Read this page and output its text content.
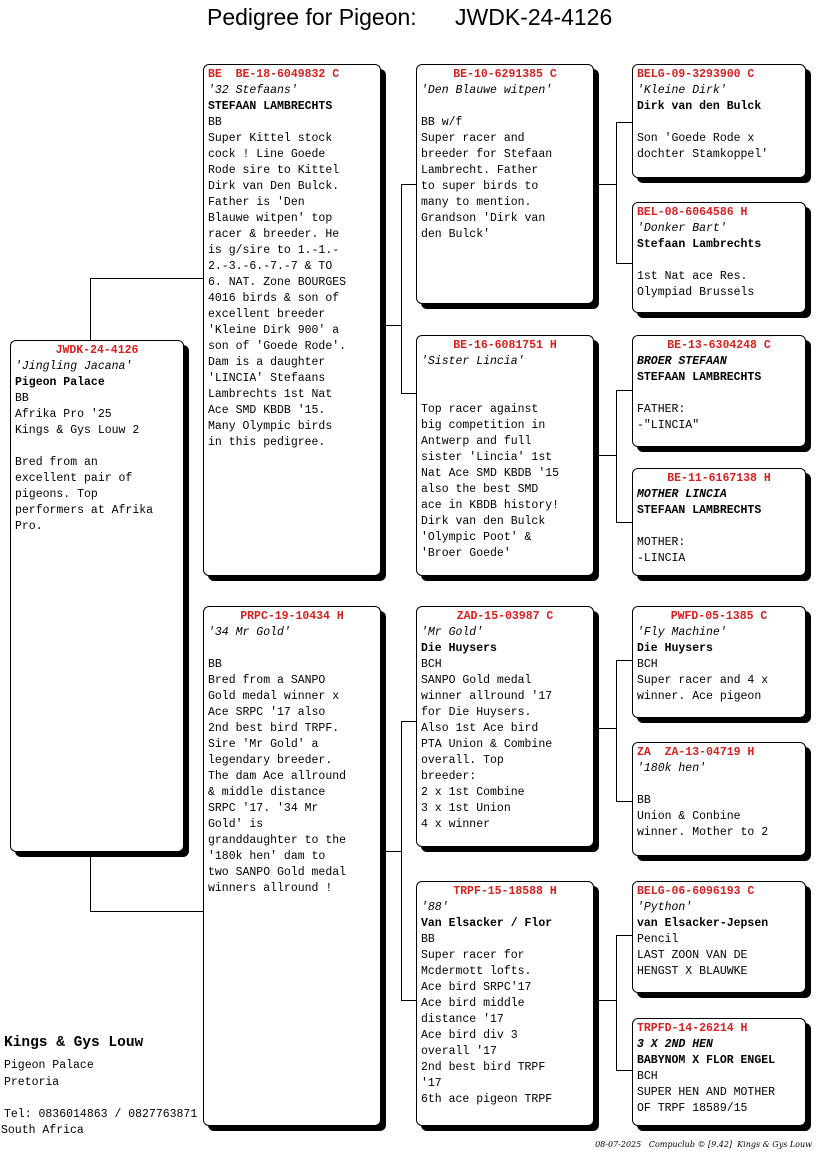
Pedigree for Pigeon:      JWDK-24-4126
JWDK-24-4126
'Jingling Jacana'
Pigeon Palace
BB
Afrika Pro '25
Kings & Gys Louw 2

Bred from an
excellent pair of
pigeons. Top
performers at Afrika
Pro.
BE  BE-18-6049832 C
'32 Stefaans'
STEFAAN LAMBRECHTS
BB
Super Kittel stock
cock ! Line Goede
Rode sire to Kittel
Dirk van Den Bulck.
Father is 'Den
Blauwe witpen' top
racer & breeder. He
is g/sire to 1.-1.-
2.-3.-6.-7.-7 & TO
6. NAT. Zone BOURGES
4016 birds & son of
excellent breeder
'Kleine Dirk 900' a
son of 'Goede Rode'.
Dam is a daughter
'LINCIA' Stefaans
Lambrechts 1st Nat
Ace SMD KBDB '15.
Many Olympic birds
in this pedigree.
PRPC-19-10434 H
'34 Mr Gold'
BB
Bred from a SANPO
Gold medal winner x
Ace SRPC '17 also
2nd best bird TRPF.
Sire 'Mr Gold' a
legendary breeder.
The dam Ace allround
& middle distance
SRPC '17. '34 Mr
Gold' is
granddaughter to the
'180k hen' dam to
two SANPO Gold medal
winners allround !
BE-10-6291385 C
'Den Blauwe witpen'
BB w/f
Super racer and
breeder for Stefaan
Lambrecht. Father
to super birds to
many to mention.
Grandson 'Dirk van
den Bulck'
BE-16-6081751 H
'Sister Lincia'
Top racer against
big competition in
Antwerp and full
sister 'Lincia' 1st
Nat Ace SMD KBDB '15
also the best SMD
ace in KBDB history!
Dirk van den Bulck
'Olympic Poot' &
'Broer Goede'
ZAD-15-03987 C
'Mr Gold'
Die Huysers
BCH
SANPO Gold medal
winner allround '17
for Die Huysers.
Also 1st Ace bird
PTA Union & Combine
overall. Top
breeder:
2 x 1st Combine
3 x 1st Union
4 x winner
TRPF-15-18588 H
'88'
Van Elsacker / Flor
BB
Super racer for
Mcdermott lofts.
Ace bird SRPC'17
Ace bird middle
distance '17
Ace bird div 3
overall '17
2nd best bird TRPF
'17
6th ace pigeon TRPF
BELG-09-3293900 C
'Kleine Dirk'
Dirk van den Bulck
Son 'Goede Rode x
dochter Stamkoppel'
BEL-08-6064586 H
'Donker Bart'
Stefaan Lambrechts
1st Nat ace Res.
Olympiad Brussels
BE-13-6304248 C
BROER STEFAAN
STEFAAN LAMBRECHTS
FATHER:
-"LINCIA"
BE-11-6167138 H
MOTHER LINCIA
STEFAAN LAMBRECHTS
MOTHER:
-LINCIA
PWFD-05-1385 C
'Fly Machine'
Die Huysers
BCH
Super racer and 4 x
winner. Ace pigeon
ZA  ZA-13-04719 H
'180k hen'
BB
Union & Conbine
winner. Mother to 2
BELG-06-6096193 C
'Python'
van Elsacker-Jepsen
Pencil
LAST ZOON VAN DE
HENGST X BLAUWKE
TRPFD-14-26214 H
3 X 2ND HEN
BABYNOM X FLOR ENGEL
BCH
SUPER HEN AND MOTHER
OF TRPF 18589/15
Kings & Gys Louw
Pigeon Palace
Pretoria
Tel: 0836014863 / 0827763871
South Africa
08-07-2025   Compuclub © [9.42]  Kings & Gys Louw
